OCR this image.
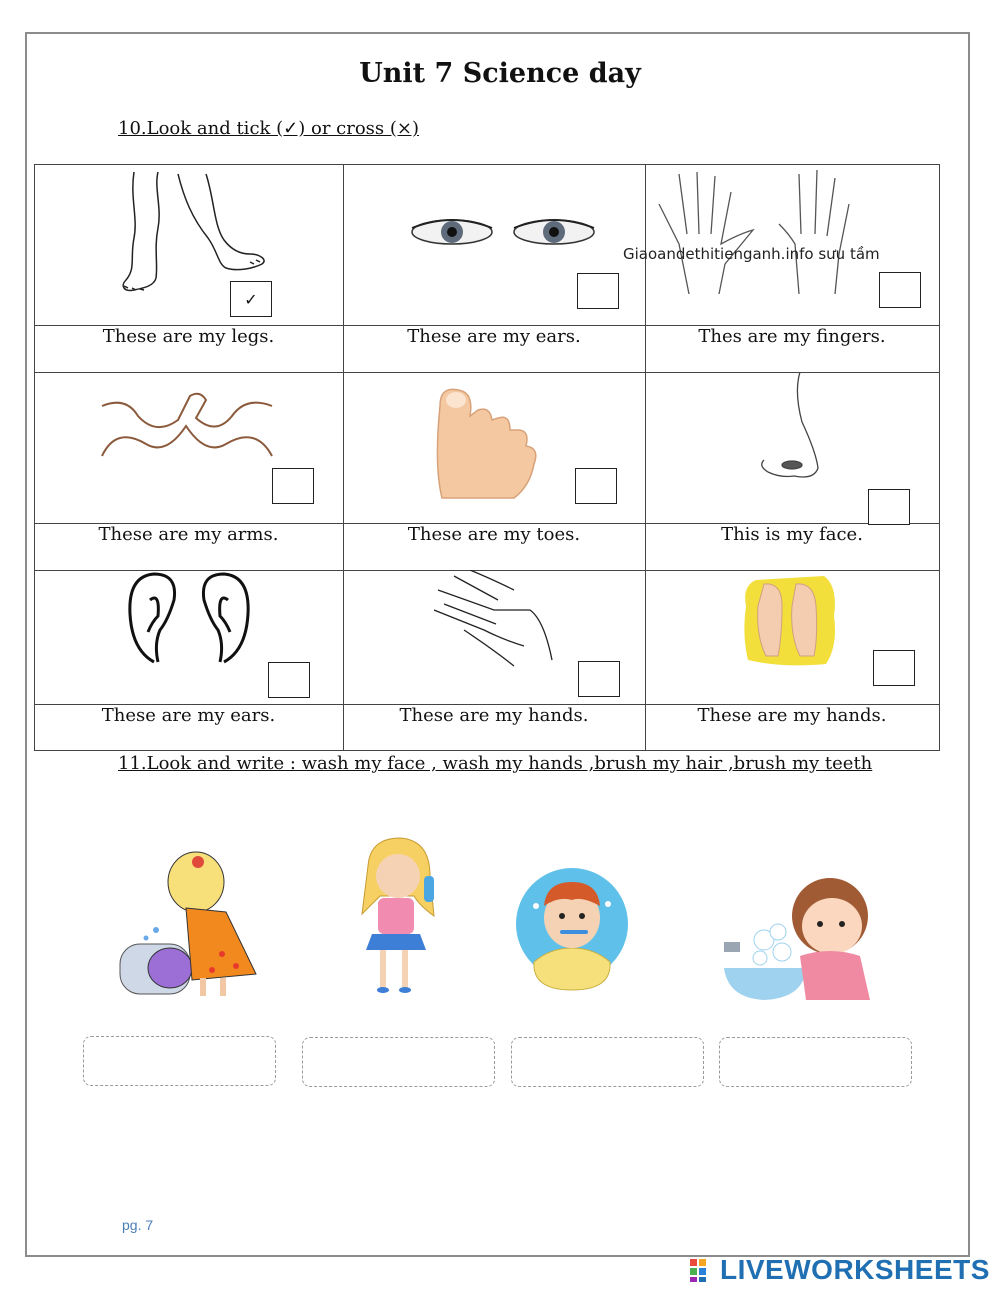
Unit 7 Science day
10.Look and tick (✓) or cross (×)
Giaoandethitienganh.info sưu tầm
✓
These are my legs.	These are my ears.	Thes are my fingers.
These are my arms.	These are my toes.	This is my face.
These are my ears.	These are my hands.	These are my hands.
11.Look and write : wash my face , wash my hands ,brush my hair ,brush my teeth
pg. 7
LIVEWORKSHEETS
